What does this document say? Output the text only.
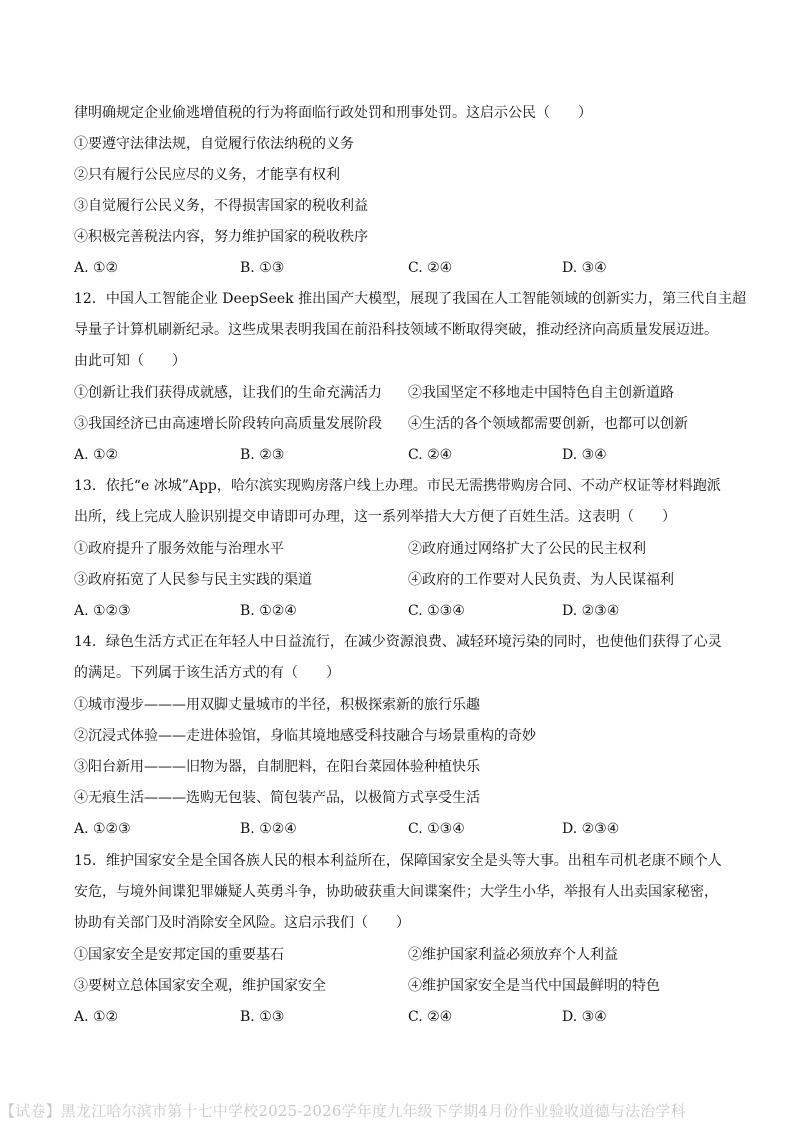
律明确规定企业偷逃增值税的行为将面临行政处罚和刑事处罚。这启示公民（　　）
①要遵守法律法规，自觉履行依法纳税的义务
②只有履行公民应尽的义务，才能享有权利
③自觉履行公民义务，不得损害国家的税收利益
④积极完善税法内容，努力维护国家的税收秩序
A. ①②	B. ①③	C. ②④	D. ③④
12．中国人工智能企业 DeepSeek 推出国产大模型，展现了我国在人工智能领域的创新实力，第三代自主超
导量子计算机刷新纪录。这些成果表明我国在前沿科技领域不断取得突破，推动经济向高质量发展迈进。
由此可知（　　）
①创新让我们获得成就感，让我们的生命充满活力 ②我国坚定不移地走中国特色自主创新道路
③我国经济已由高速增长阶段转向高质量发展阶段 ④生活的各个领域都需要创新，也都可以创新
A. ①②	B. ②③	C. ②④	D. ③④
13．依托“e 冰城”App，哈尔滨实现购房落户线上办理。市民无需携带购房合同、不动产权证等材料跑派
出所，线上完成人脸识别提交申请即可办理，这一系列举措大大方便了百姓生活。这表明（　　）
①政府提升了服务效能与治理水平	②政府通过网络扩大了公民的民主权利
③政府拓宽了人民参与民主实践的渠道	④政府的工作要对人民负责、为人民谋福利
A. ①②③	B. ①②④	C. ①③④	D. ②③④
14．绿色生活方式正在年轻人中日益流行，在减少资源浪费、减轻环境污染的同时，也使他们获得了心灵
的满足。下列属于该生活方式的有（　　）
①城市漫步———用双脚丈量城市的半径，积极探索新的旅行乐趣
②沉浸式体验——走进体验馆，身临其境地感受科技融合与场景重构的奇妙
③阳台新用———旧物为器，自制肥料，在阳台菜园体验种植快乐
④无痕生活———选购无包装、简包装产品，以极简方式享受生活
A. ①②③	B. ①②④	C. ①③④	D. ②③④
15．维护国家安全是全国各族人民的根本利益所在，保障国家安全是头等大事。出租车司机老康不顾个人
安危，与境外间谍犯罪嫌疑人英勇斗争，协助破获重大间谍案件；大学生小华，举报有人出卖国家秘密，
协助有关部门及时消除安全风险。这启示我们（　　）
①国家安全是安邦定国的重要基石	②维护国家利益必须放弃个人利益
③要树立总体国家安全观，维护国家安全	④维护国家安全是当代中国最鲜明的特色
A. ①②	B. ①③	C. ②④	D. ③④
【试卷】黑龙江哈尔滨市第十七中学校2025-2026学年度九年级下学期4月份作业验收道德与法治学科
